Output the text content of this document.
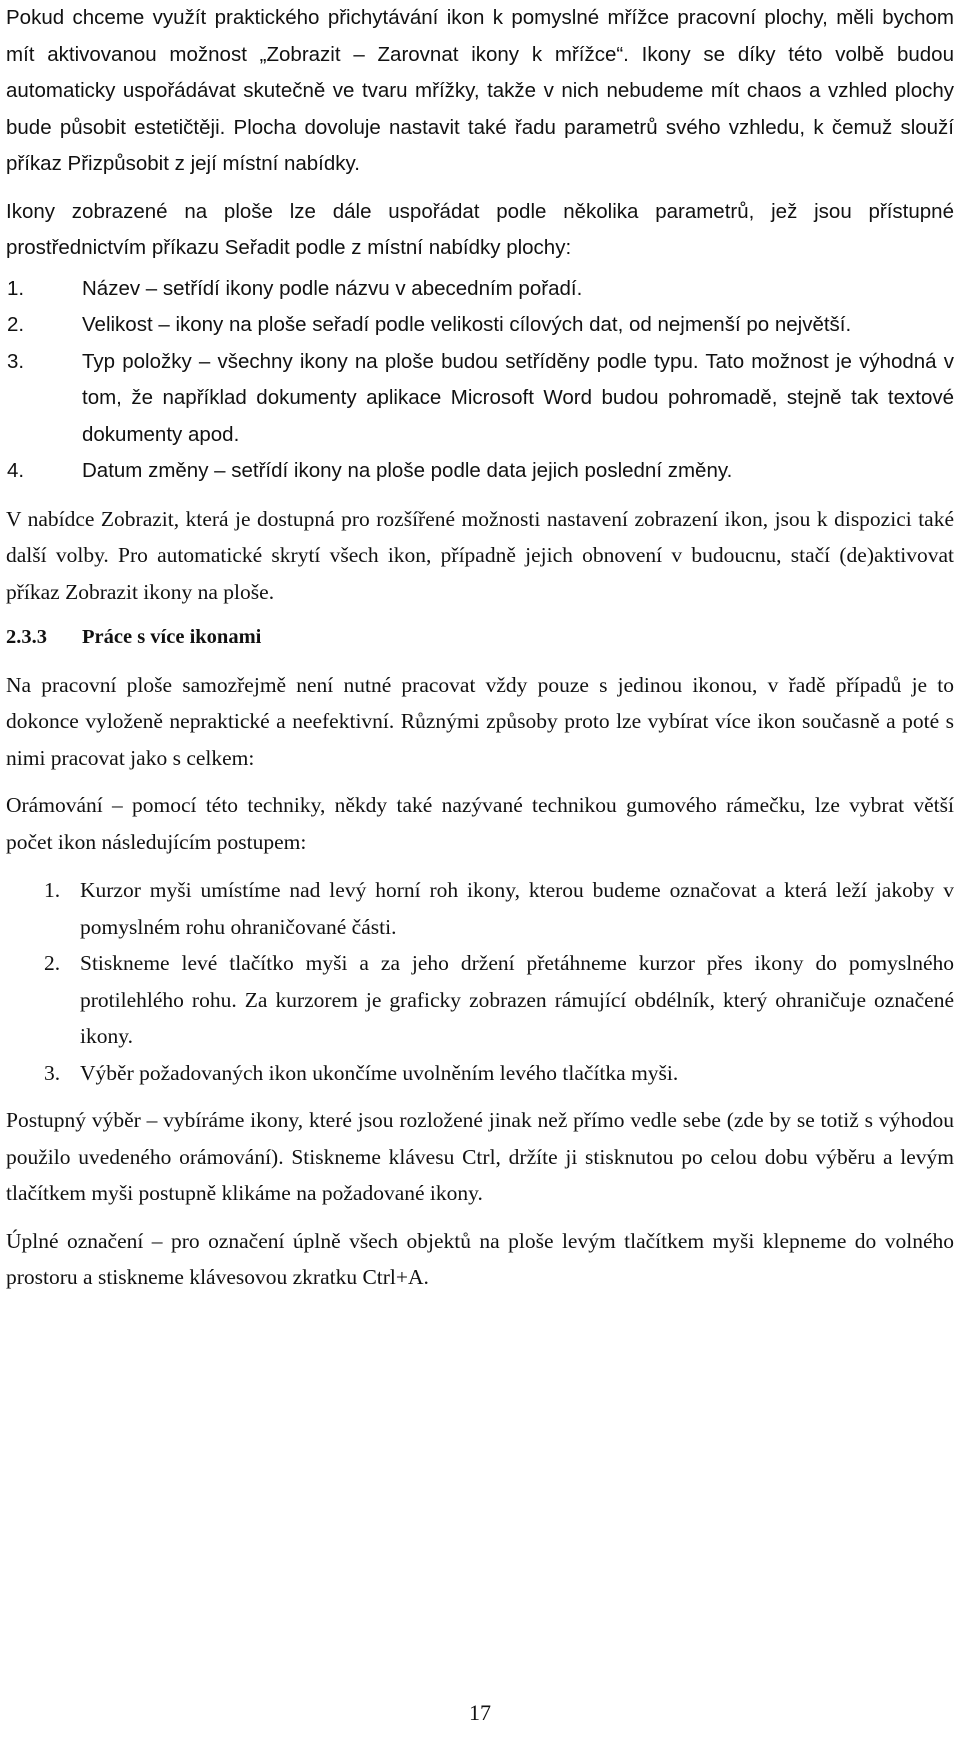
Pokud chceme využít praktického přichytávání ikon k pomyslné mřížce pracovní plochy, měli bychom mít aktivovanou možnost „Zobrazit – Zarovnat ikony k mřížce“. Ikony se díky této volbě budou automaticky uspořádávat skutečně ve tvaru mřížky, takže v nich nebudeme mít chaos a vzhled plochy bude působit estetičtěji. Plocha dovoluje nastavit také řadu parametrů svého vzhledu, k čemuž slouží příkaz Přizpůsobit z její místní nabídky.

Ikony zobrazené na ploše lze dále uspořádat podle několika parametrů, jež jsou přístupné prostřednictvím příkazu Seřadit podle z místní nabídky plochy:

1.	Název – setřídí ikony podle názvu v abecedním pořadí.
2.	Velikost – ikony na ploše seřadí podle velikosti cílových dat, od nejmenší po největší.
3.	Typ položky – všechny ikony na ploše budou setříděny podle typu. Tato možnost je výhodná v tom, že například dokumenty aplikace Microsoft Word budou pohromadě, stejně tak textové dokumenty apod.
4.	Datum změny – setřídí ikony na ploše podle data jejich poslední změny.

V nabídce Zobrazit, která je dostupná pro rozšířené možnosti nastavení zobrazení ikon, jsou k dispozici také další volby. Pro automatické skrytí všech ikon, případně jejich obnovení v budoucnu, stačí (de)aktivovat příkaz Zobrazit ikony na ploše.

2.3.3 Práce s více ikonami

Na pracovní ploše samozřejmě není nutné pracovat vždy pouze s jedinou ikonou, v řadě případů je to dokonce vyloženě nepraktické a neefektivní. Různými způsoby proto lze vybírat více ikon současně a poté s nimi pracovat jako s celkem:

Orámování – pomocí této techniky, někdy také nazývané technikou gumového rámečku, lze vybrat větší počet ikon následujícím postupem:

1. Kurzor myši umístíme nad levý horní roh ikony, kterou budeme označovat a která leží jakoby v pomyslném rohu ohraničované části.
2. Stiskneme levé tlačítko myši a za jeho držení přetáhneme kurzor přes ikony do pomyslného protilehlého rohu. Za kurzorem je graficky zobrazen rámující obdélník, který ohraničuje označené ikony.
3. Výběr požadovaných ikon ukončíme uvolněním levého tlačítka myši.

Postupný výběr – vybíráme ikony, které jsou rozložené jinak než přímo vedle sebe (zde by se totiž s výhodou použilo uvedeného orámování). Stiskneme klávesu Ctrl, držíte ji stisknutou po celou dobu výběru a levým tlačítkem myši postupně klikáme na požadované ikony.

Úplné označení – pro označení úplně všech objektů na ploše levým tlačítkem myši klepneme do volného prostoru a stiskneme klávesovou zkratku Ctrl+A.

17
